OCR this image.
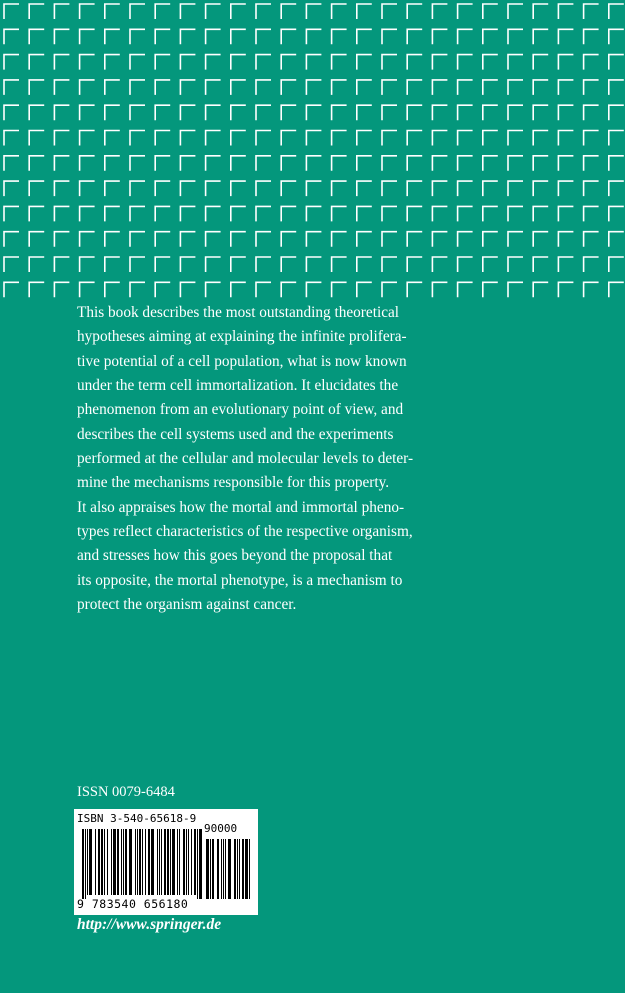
This book describes the most outstanding theoretical
hypotheses aiming at explaining the infinite prolifera-
tive potential of a cell population, what is now known
under the term cell immortalization. It elucidates the
phenomenon from an evolutionary point of view, and
describes the cell systems used and the experiments
performed at the cellular and molecular levels to deter-
mine the mechanisms responsible for this property.
It also appraises how the mortal and immortal pheno-
types reflect characteristics of the respective organism,
and stresses how this goes beyond the proposal that
its opposite, the mortal phenotype, is a mechanism to
protect the organism against cancer.
ISSN 0079-6484
ISBN 3-540-65618-9
90000
9 783540 656180
http://www.springer.de
